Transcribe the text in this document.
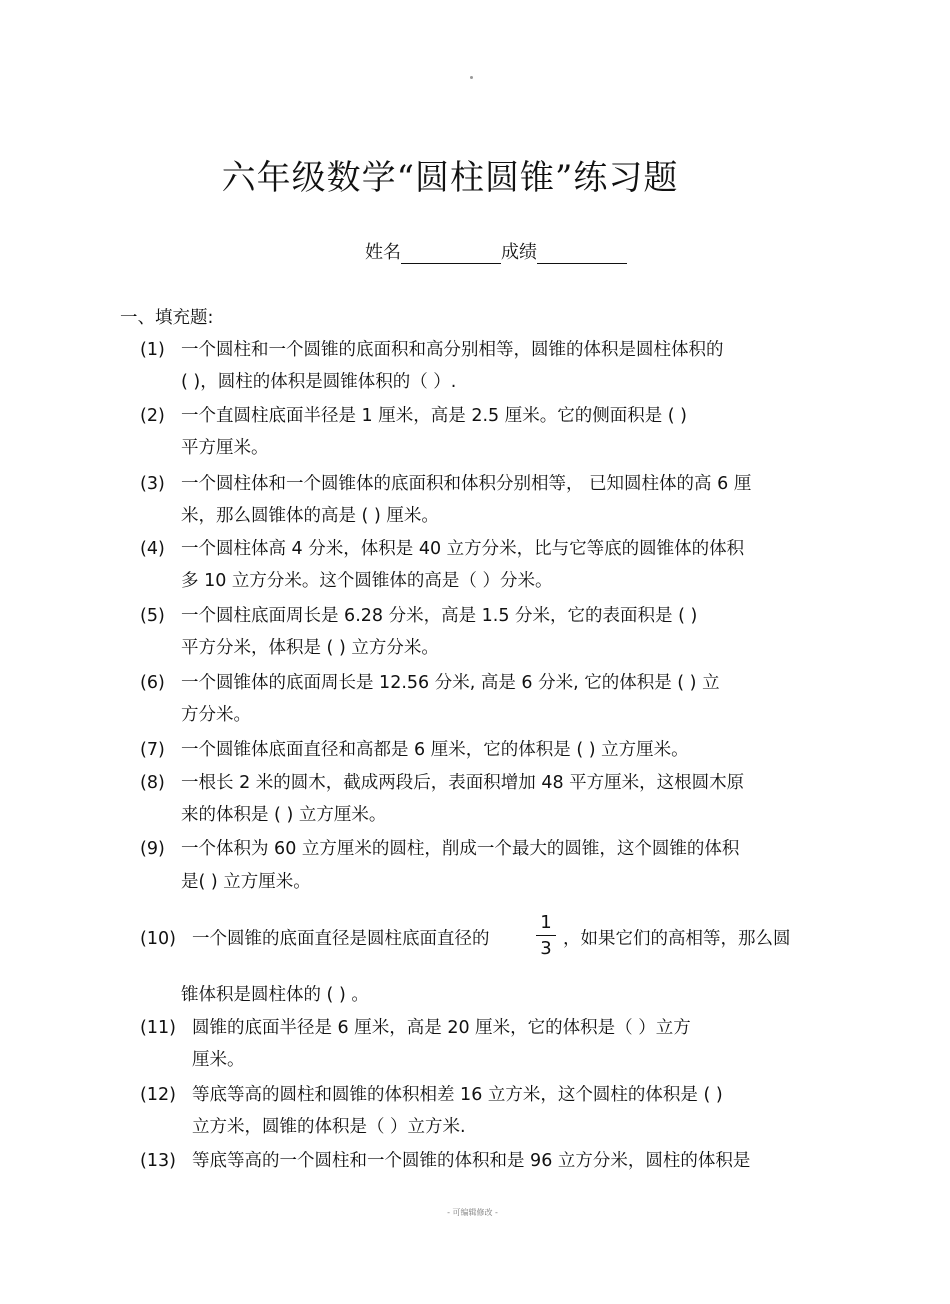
六年级数学“圆柱圆锥”练习题
姓名	成绩
一、填充题:
(1) 一个圆柱和一个圆锥的底面积和高分别相等，圆锥的体积是圆柱体积的
( )，圆柱的体积是圆锥体积的（ ）.
(2) 一个直圆柱底面半径是 1 厘米，高是 2.5 厘米。它的侧面积是 ( )
平方厘米。
(3) 一个圆柱体和一个圆锥体的底面积和体积分别相等， 已知圆柱体的高 6 厘
米，那么圆锥体的高是 ( ) 厘米。
(4) 一个圆柱体高 4 分米，体积是 40 立方分米，比与它等底的圆锥体的体积
多 10 立方分米。这个圆锥体的高是（ ）分米。
(5) 一个圆柱底面周长是 6.28 分米，高是 1.5 分米，它的表面积是 ( )
平方分米，体积是 ( ) 立方分米。
(6) 一个圆锥体的底面周长是 12.56 分米, 高是 6 分米, 它的体积是 ( ) 立
方分米。
(7) 一个圆锥体底面直径和高都是 6 厘米，它的体积是 ( ) 立方厘米。
(8) 一根长 2 米的圆木，截成两段后，表面积增加 48 平方厘米，这根圆木原
来的体积是 ( ) 立方厘米。
(9) 一个体积为 60 立方厘米的圆柱，削成一个最大的圆锥，这个圆锥的体积
是( ) 立方厘米。
(10) 一个圆锥的底面直径是圆柱底面直径的
1
3 ，如果它们的高相等，那么圆
锥体积是圆柱体的 ( ) 。
(11) 圆锥的底面半径是 6 厘米，高是 20 厘米，它的体积是（ ）立方
厘米。
(12) 等底等高的圆柱和圆锥的体积相差 16 立方米，这个圆柱的体积是 ( )
立方米，圆锥的体积是（ ）立方米.
(13) 等底等高的一个圆柱和一个圆锥的体积和是 96 立方分米，圆柱的体积是
- 可编辑修改 -
